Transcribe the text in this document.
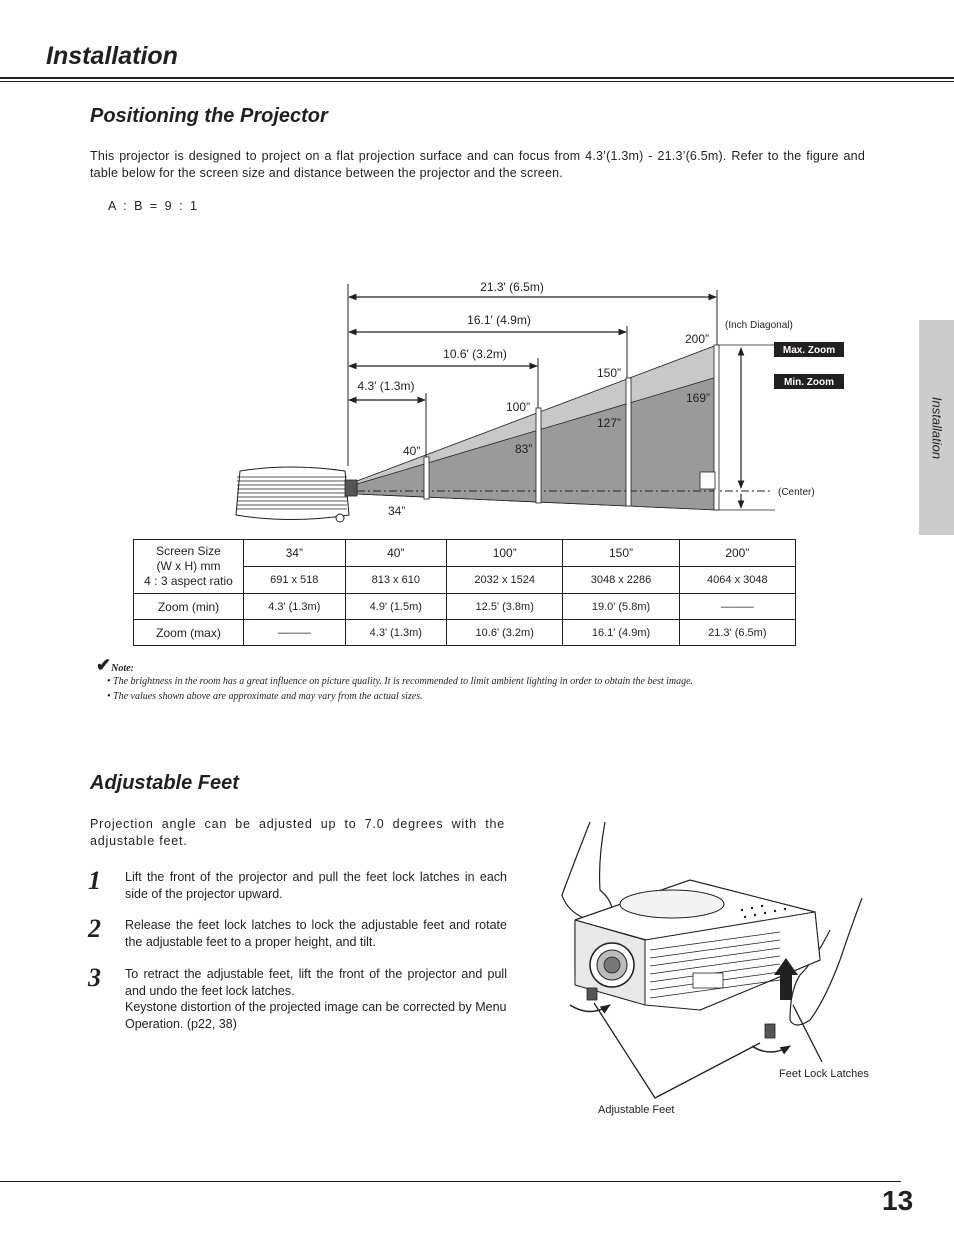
Installation
Installation
Positioning the Projector
This projector is designed to project on a flat projection surface and can focus from 4.3’(1.3m) - 21.3’(6.5m). Refer to the figure and table below for the screen size and distance between the projector and the screen.
A : B = 9 : 1
21.3' (6.5m)
16.1' (4.9m)
10.6' (3.2m)
4.3' (1.3m)
200”
169”
150”
127”
100”
83”
40”
34”
(Inch Diagonal)
Max. Zoom
Min. Zoom
(Center)
Screen Size
(W x H) mm
4 : 3 aspect ratio	34”	40”	100”	150”	200”
	691 x 518	813 x 610	2032 x 1524	3048 x 2286	4064 x 3048
Zoom (min)	4.3' (1.3m)	4.9' (1.5m)	12.5' (3.8m)	19.0' (5.8m)	———
Zoom (max)	———	4.3' (1.3m)	10.6' (3.2m)	16.1' (4.9m)	21.3' (6.5m)
✔Note:
• The brightness in the room has a great influence on picture quality. It is recommended to limit ambient lighting in order to obtain the best image.
• The values shown above are approximate and may vary from the actual sizes.
Adjustable Feet
Projection angle can be adjusted up to 7.0 degrees with the adjustable feet.
1 Lift the front of the projector and pull the feet lock latches in each side of the projector upward.
2 Release the feet lock latches to lock the adjustable feet and rotate the adjustable feet to a proper height, and tilt.
3 To retract the adjustable feet, lift the front of the projector and pull and undo the feet lock latches.
Keystone distortion of the projected image can be corrected by Menu Operation. (p22, 38)
Feet Lock Latches
Adjustable Feet
13
